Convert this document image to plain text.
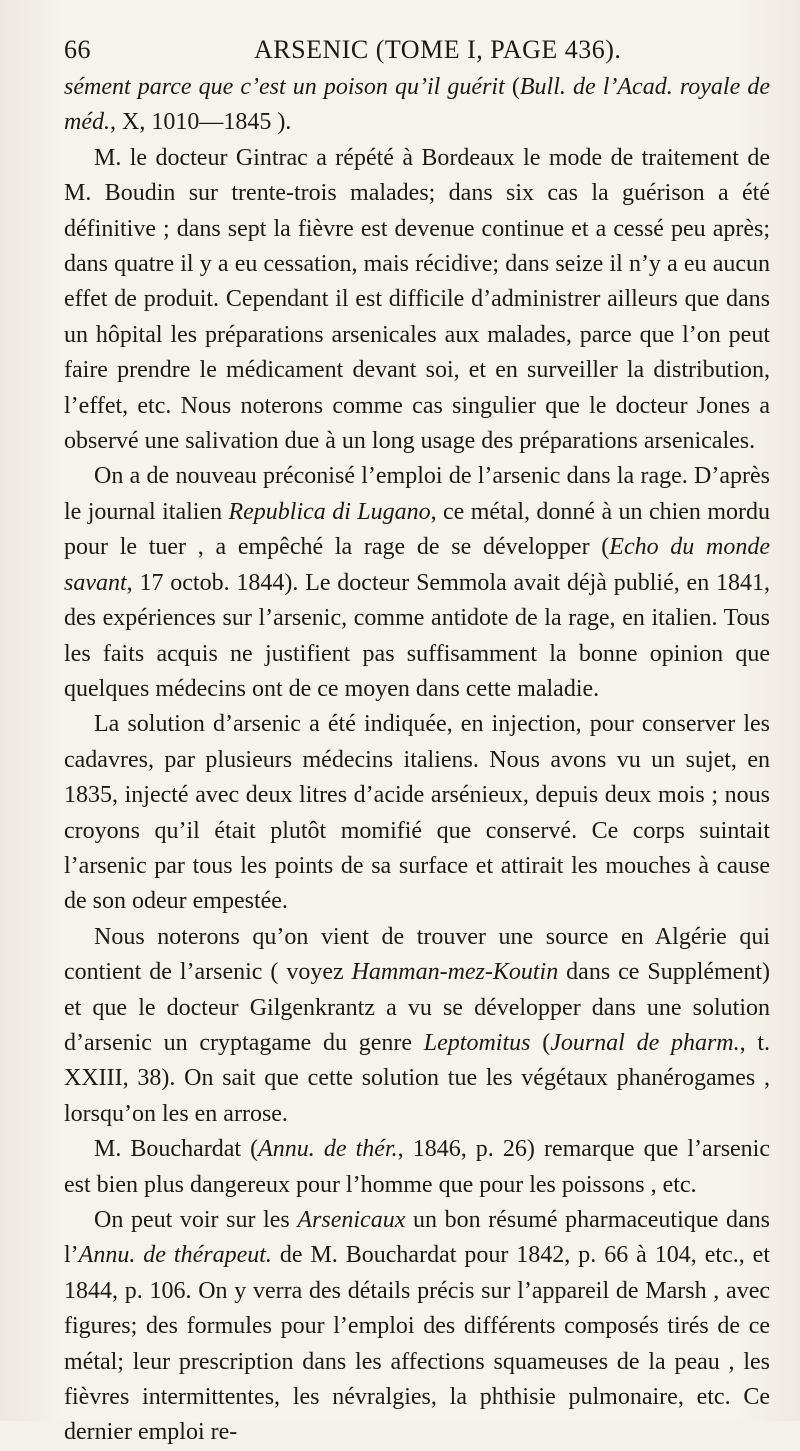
66	ARSENIC (TOME I, PAGE 436).

sément parce que c’est un poison qu’il guérit (Bull. de l’Acad. royale de méd., X, 1010—1845 ).

M. le docteur Gintrac a répété à Bordeaux le mode de traitement de M. Boudin sur trente-trois malades; dans six cas la guérison a été définitive ; dans sept la fièvre est devenue continue et a cessé peu après; dans quatre il y a eu cessation, mais récidive; dans seize il n’y a eu aucun effet de produit. Cependant il est difficile d’administrer ailleurs que dans un hôpital les préparations arsenicales aux malades, parce que l’on peut faire prendre le médicament devant soi, et en surveiller la distribution, l’effet, etc. Nous noterons comme cas singulier que le docteur Jones a observé une salivation due à un long usage des préparations arsenicales.

On a de nouveau préconisé l’emploi de l’arsenic dans la rage. D’après le journal italien Republica di Lugano, ce métal, donné à un chien mordu pour le tuer , a empêché la rage de se développer (Echo du monde savant, 17 octob. 1844). Le docteur Semmola avait déjà publié, en 1841, des expériences sur l’arsenic, comme antidote de la rage, en italien. Tous les faits acquis ne justifient pas suffisamment la bonne opinion que quelques médecins ont de ce moyen dans cette maladie.

La solution d’arsenic a été indiquée, en injection, pour conserver les cadavres, par plusieurs médecins italiens. Nous avons vu un sujet, en 1835, injecté avec deux litres d’acide arsénieux, depuis deux mois ; nous croyons qu’il était plutôt momifié que conservé. Ce corps suintait l’arsenic par tous les points de sa surface et attirait les mouches à cause de son odeur empestée.

Nous noterons qu’on vient de trouver une source en Algérie qui contient de l’arsenic ( voyez Hamman-mez-Koutin dans ce Supplément) et que le docteur Gilgenkrantz a vu se développer dans une solution d’arsenic un cryptagame du genre Leptomitus (Journal de pharm., t. XXIII, 38). On sait que cette solution tue les végétaux phanérogames , lorsqu’on les en arrose.

M. Bouchardat (Annu. de thér., 1846, p. 26) remarque que l’arsenic est bien plus dangereux pour l’homme que pour les poissons , etc.

On peut voir sur les Arsenicaux un bon résumé pharmaceutique dans l’Annu. de thérapeut. de M. Bouchardat pour 1842, p. 66 à 104, etc., et 1844, p. 106. On y verra des détails précis sur l’appareil de Marsh , avec figures; des formules pour l’emploi des différents composés tirés de ce métal; leur prescription dans les affections squameuses de la peau , les fièvres intermittentes, les névralgies, la phthisie pulmonaire, etc. Ce dernier emploi re-
